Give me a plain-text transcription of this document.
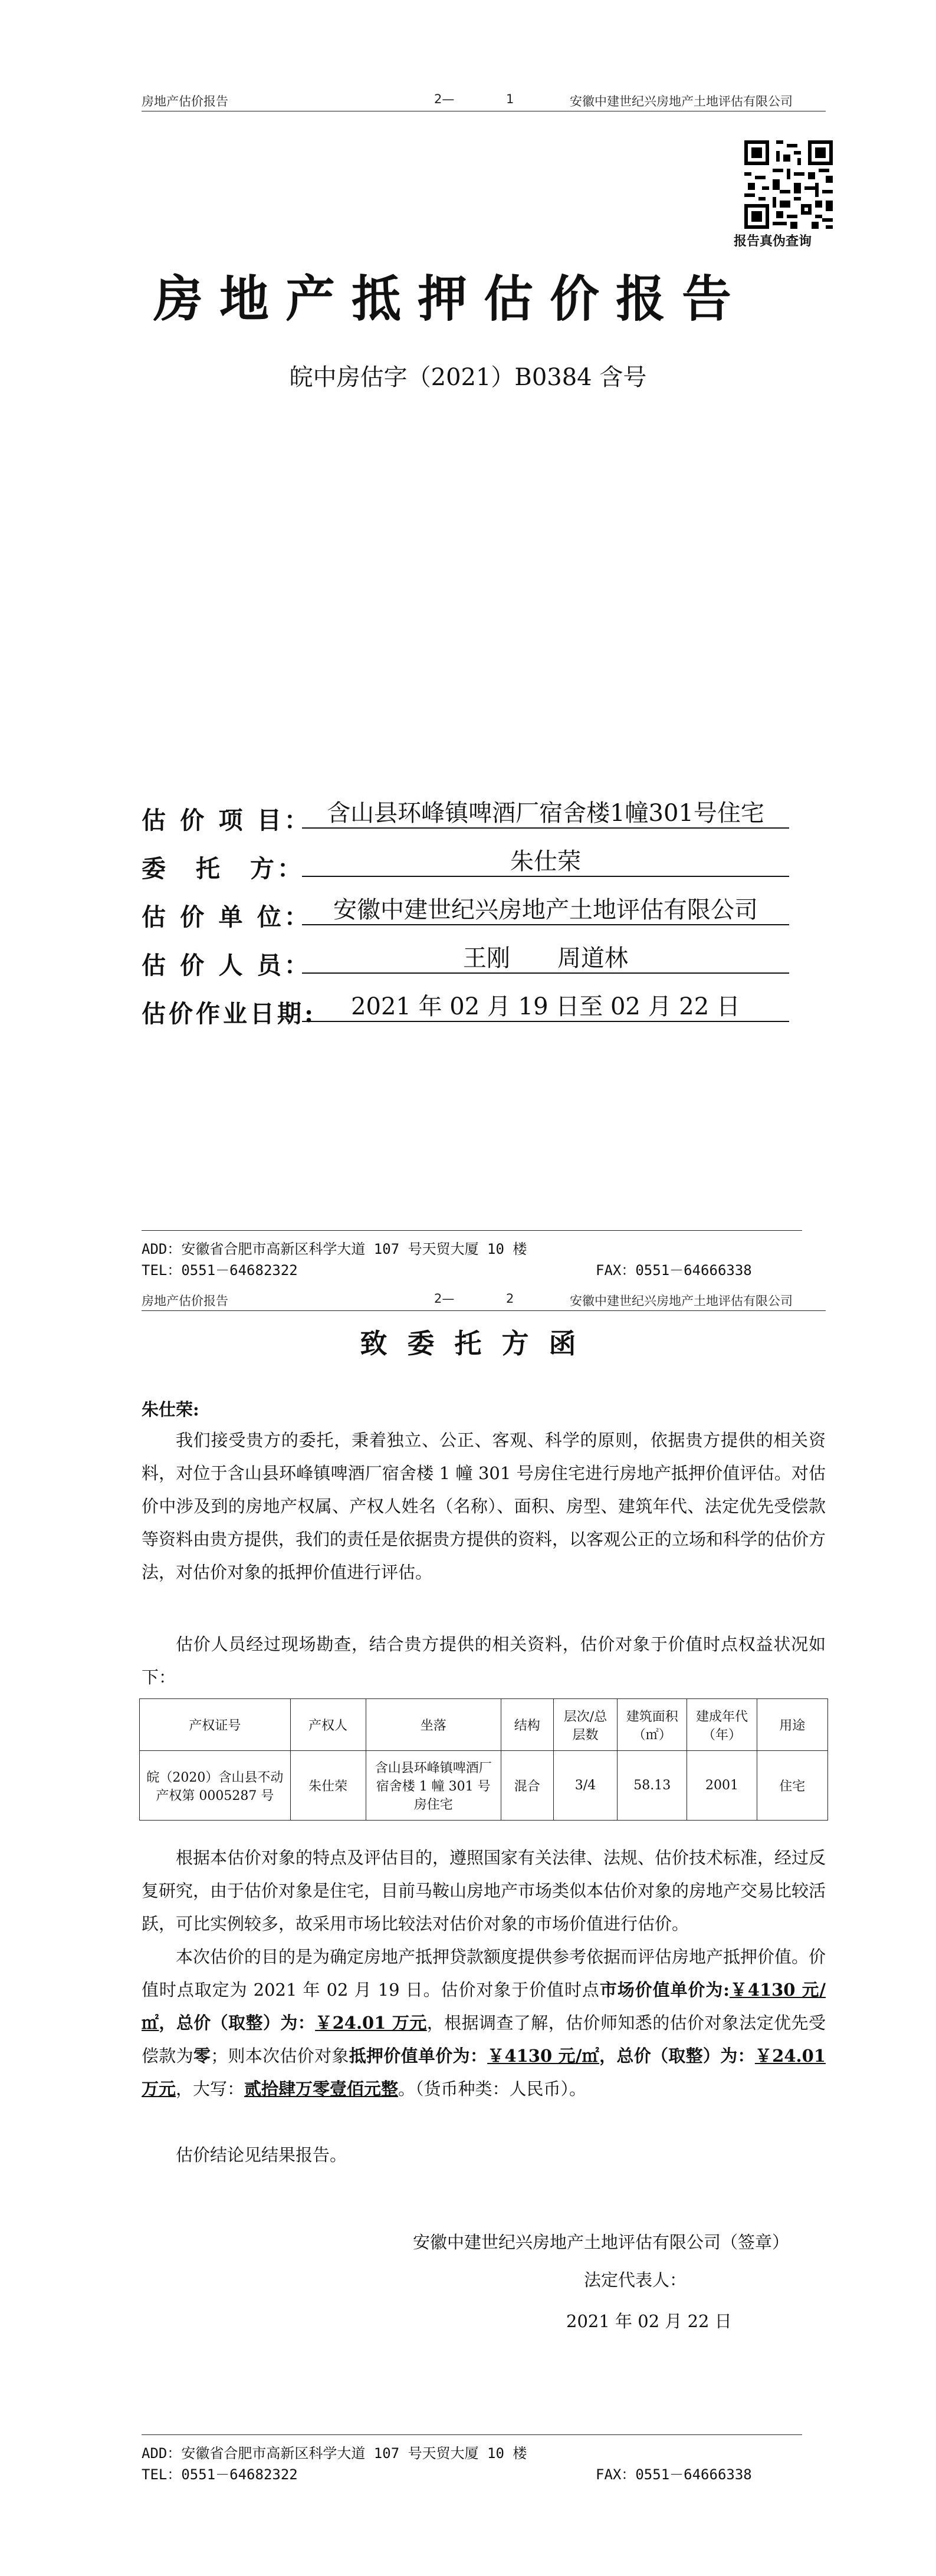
房地产估价报告	2—	1	安徽中建世纪兴房地产土地评估有限公司
报告真伪查询
房地产抵押估价报告
皖中房估字（2021）B0384 含号
估 价 项 目： 含山县环峰镇啤酒厂宿舍楼1幢301号住宅
委　托　方：	朱仕荣
估 价 单 位： 安徽中建世纪兴房地产土地评估有限公司
估 价 人 员：	王刚　　周道林
估价作业日期:	2021 年 02 月 19 日至 02 月 22 日
ADD：安徽省合肥市高新区科学大道 107 号天贸大厦 10 楼
TEL：0551－64682322	FAX：0551－64666338
房地产估价报告	2—	2	安徽中建世纪兴房地产土地评估有限公司
致委托方函
朱仕荣:
我们接受贵方的委托，秉着独立、公正、客观、科学的原则，依据贵方提供的相关资料，对位于含山县环峰镇啤酒厂宿舍楼 1 幢 301 号房住宅进行房地产抵押价值评估。对估价中涉及到的房地产权属、产权人姓名（名称）、面积、房型、建筑年代、法定优先受偿款等资料由贵方提供，我们的责任是依据贵方提供的资料，以客观公正的立场和科学的估价方法，对估价对象的抵押价值进行评估。
估价人员经过现场勘查，结合贵方提供的相关资料，估价对象于价值时点权益状况如下：
产权证号	产权人	坐落	结构	层次/总层数	建筑面积（㎡）	建成年代（年）	用途
皖（2020）含山县不动产权第 0005287 号	朱仕荣	含山县环峰镇啤酒厂宿舍楼 1 幢 301 号房住宅	混合	3/4	58.13	2001	住宅
根据本估价对象的特点及评估目的，遵照国家有关法律、法规、估价技术标准，经过反复研究，由于估价对象是住宅，目前马鞍山房地产市场类似本估价对象的房地产交易比较活跃，可比实例较多，故采用市场比较法对估价对象的市场价值进行估价。
本次估价的目的是为确定房地产抵押贷款额度提供参考依据而评估房地产抵押价值。价值时点取定为 2021 年 02 月 19 日。估价对象于价值时点市场价值单价为:￥4130 元/㎡，总价（取整）为：￥24.01 万元，根据调查了解，估价师知悉的估价对象法定优先受偿款为零；则本次估价对象抵押价值单价为：￥4130 元/㎡，总价（取整）为：￥24.01 万元，大写：贰拾肆万零壹佰元整。（货币种类：人民币）。
估价结论见结果报告。
安徽中建世纪兴房地产土地评估有限公司（签章）
法定代表人：
2021 年 02 月 22 日
ADD：安徽省合肥市高新区科学大道 107 号天贸大厦 10 楼
TEL：0551－64682322	FAX：0551－64666338
